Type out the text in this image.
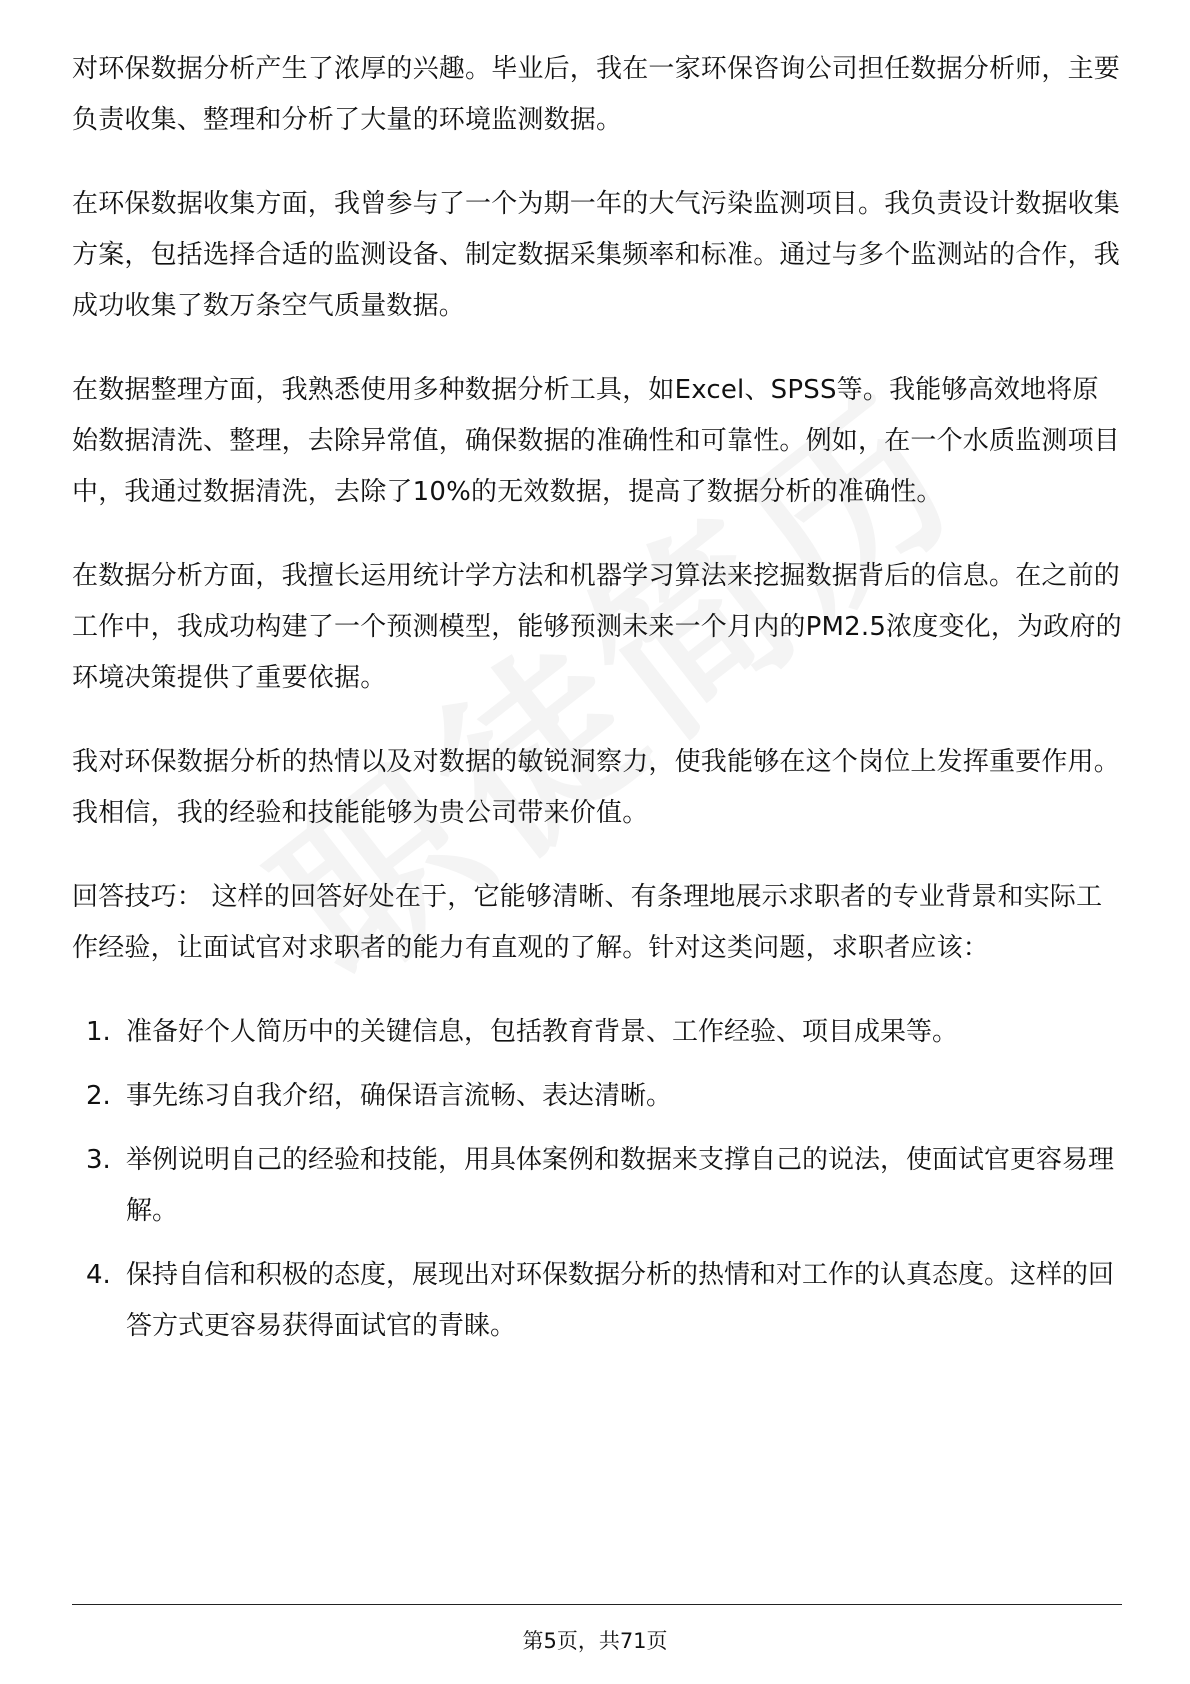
对环保数据分析产生了浓厚的兴趣。毕业后，我在一家环保咨询公司担任数据分析师，主要负责收集、整理和分析了大量的环境监测数据。

在环保数据收集方面，我曾参与了一个为期一年的大气污染监测项目。我负责设计数据收集方案，包括选择合适的监测设备、制定数据采集频率和标准。通过与多个监测站的合作，我成功收集了数万条空气质量数据。

在数据整理方面，我熟悉使用多种数据分析工具，如Excel、SPSS等。我能够高效地将原始数据清洗、整理，去除异常值，确保数据的准确性和可靠性。例如，在一个水质监测项目中，我通过数据清洗，去除了10%的无效数据，提高了数据分析的准确性。

在数据分析方面，我擅长运用统计学方法和机器学习算法来挖掘数据背后的信息。在之前的工作中，我成功构建了一个预测模型，能够预测未来一个月内的PM2.5浓度变化，为政府的环境决策提供了重要依据。

我对环保数据分析的热情以及对数据的敏锐洞察力，使我能够在这个岗位上发挥重要作用。我相信，我的经验和技能能够为贵公司带来价值。

回答技巧： 这样的回答好处在于，它能够清晰、有条理地展示求职者的专业背景和实际工作经验，让面试官对求职者的能力有直观的了解。针对这类问题，求职者应该：

1. 准备好个人简历中的关键信息，包括教育背景、工作经验、项目成果等。
2. 事先练习自我介绍，确保语言流畅、表达清晰。
3. 举例说明自己的经验和技能，用具体案例和数据来支撑自己的说法，使面试官更容易理解。
4. 保持自信和积极的态度，展现出对环保数据分析的热情和对工作的认真态度。这样的回答方式更容易获得面试官的青睐。
第5页，共71页
